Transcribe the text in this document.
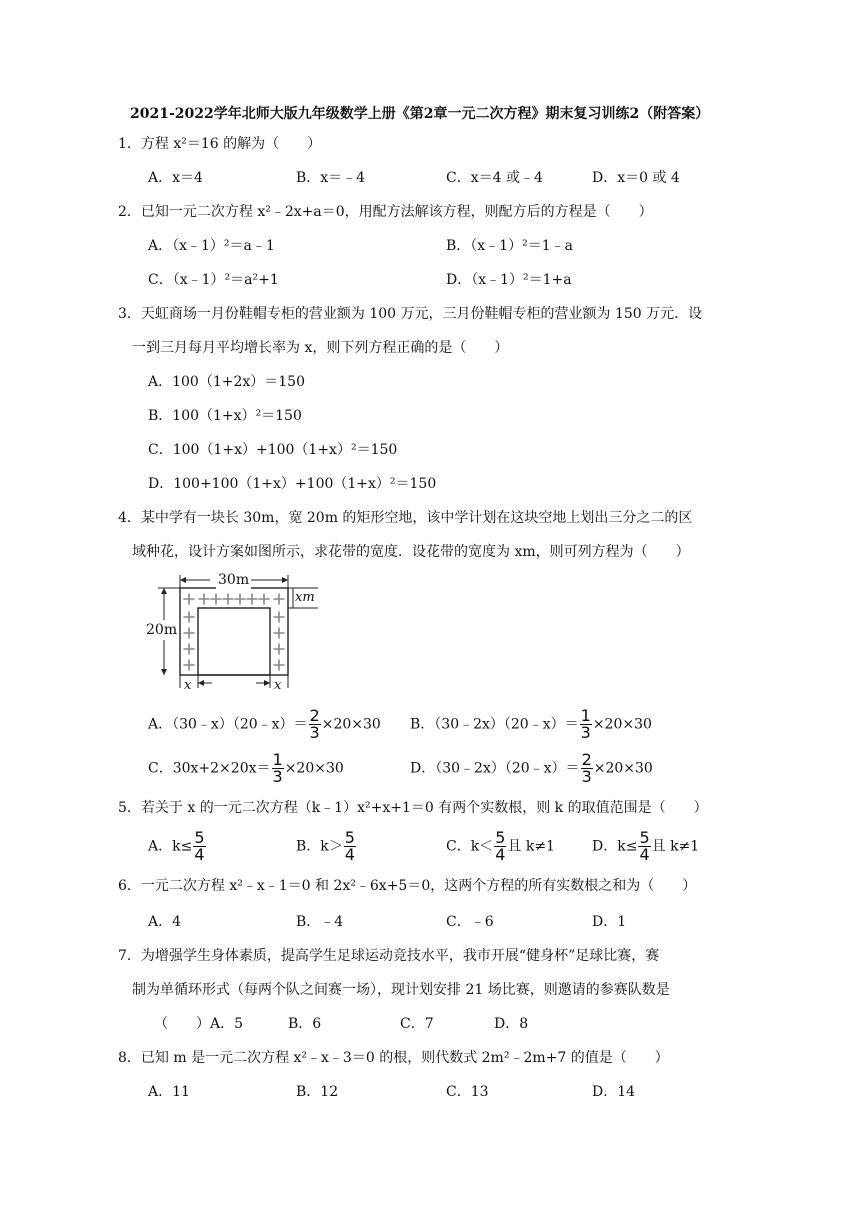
2021-2022学年北师大版九年级数学上册《第2章一元二次方程》期末复习训练2（附答案）
1．方程 x²＝16 的解为（　　）
A．x＝4	B．x＝﹣4	C．x＝4 或﹣4	D．x＝0 或 4
2．已知一元二次方程 x²﹣2x+a＝0，用配方法解该方程，则配方后的方程是（　　）
A．（x﹣1）²＝a﹣1	B．（x﹣1）²＝1﹣a
C．（x﹣1）²＝a²+1	D．（x﹣1）²＝1+a
3．天虹商场一月份鞋帽专柜的营业额为 100 万元，三月份鞋帽专柜的营业额为 150 万元．设
一到三月每月平均增长率为 x，则下列方程正确的是（　　）
A．100（1+2x）＝150
B．100（1+x）²＝150
C．100（1+x）+100（1+x）²＝150
D．100+100（1+x）+100（1+x）²＝150
4．某中学有一块长 30m，宽 20m 的矩形空地，该中学计划在这块空地上划出三分之二的区
域种花，设计方案如图所示，求花带的宽度．设花带的宽度为 xm，则可列方程为（　　）
30m
20m
xm
x	x
A．（30﹣x）（20﹣x）＝ $\frac{2}{3} \times 20\times 30$ B．（30﹣2x）（20﹣x）＝ $\frac{1}{3} \times 20\times 30$
C．$30x+2\times 20x= \frac{1}{3} \times 20\times 30$	D．（30﹣2x）（20﹣x）＝ $\frac{2}{3} \times 20\times 30$
5．若关于 x 的一元二次方程（k﹣1）x²+x+1＝0 有两个实数根，则 k 的取值范围是（　　）
A．$k\le \frac{5}{4}$	B．$k> \frac{5}{4}$	C．$k< \frac{5}{4}$ 且 k≠1	D．$k\le \frac{5}{4}$ 且 k≠1
6．一元二次方程 x²﹣x﹣1＝0 和 2x²﹣6x+5＝0，这两个方程的所有实数根之和为（　　）
A．4	B．﹣4	C．﹣6	D．1
7．为增强学生身体素质，提高学生足球运动竞技水平，我市开展“健身杯”足球比赛，赛
制为单循环形式（每两个队之间赛一场），现计划安排 21 场比赛，则邀请的参赛队数是
（　　） A．5	B．6	C．7	D．8
8．已知 m 是一元二次方程 x²﹣x﹣3＝0 的根，则代数式 2m²﹣2m+7 的值是（　　）
A．11	B．12	C．13	D．14
